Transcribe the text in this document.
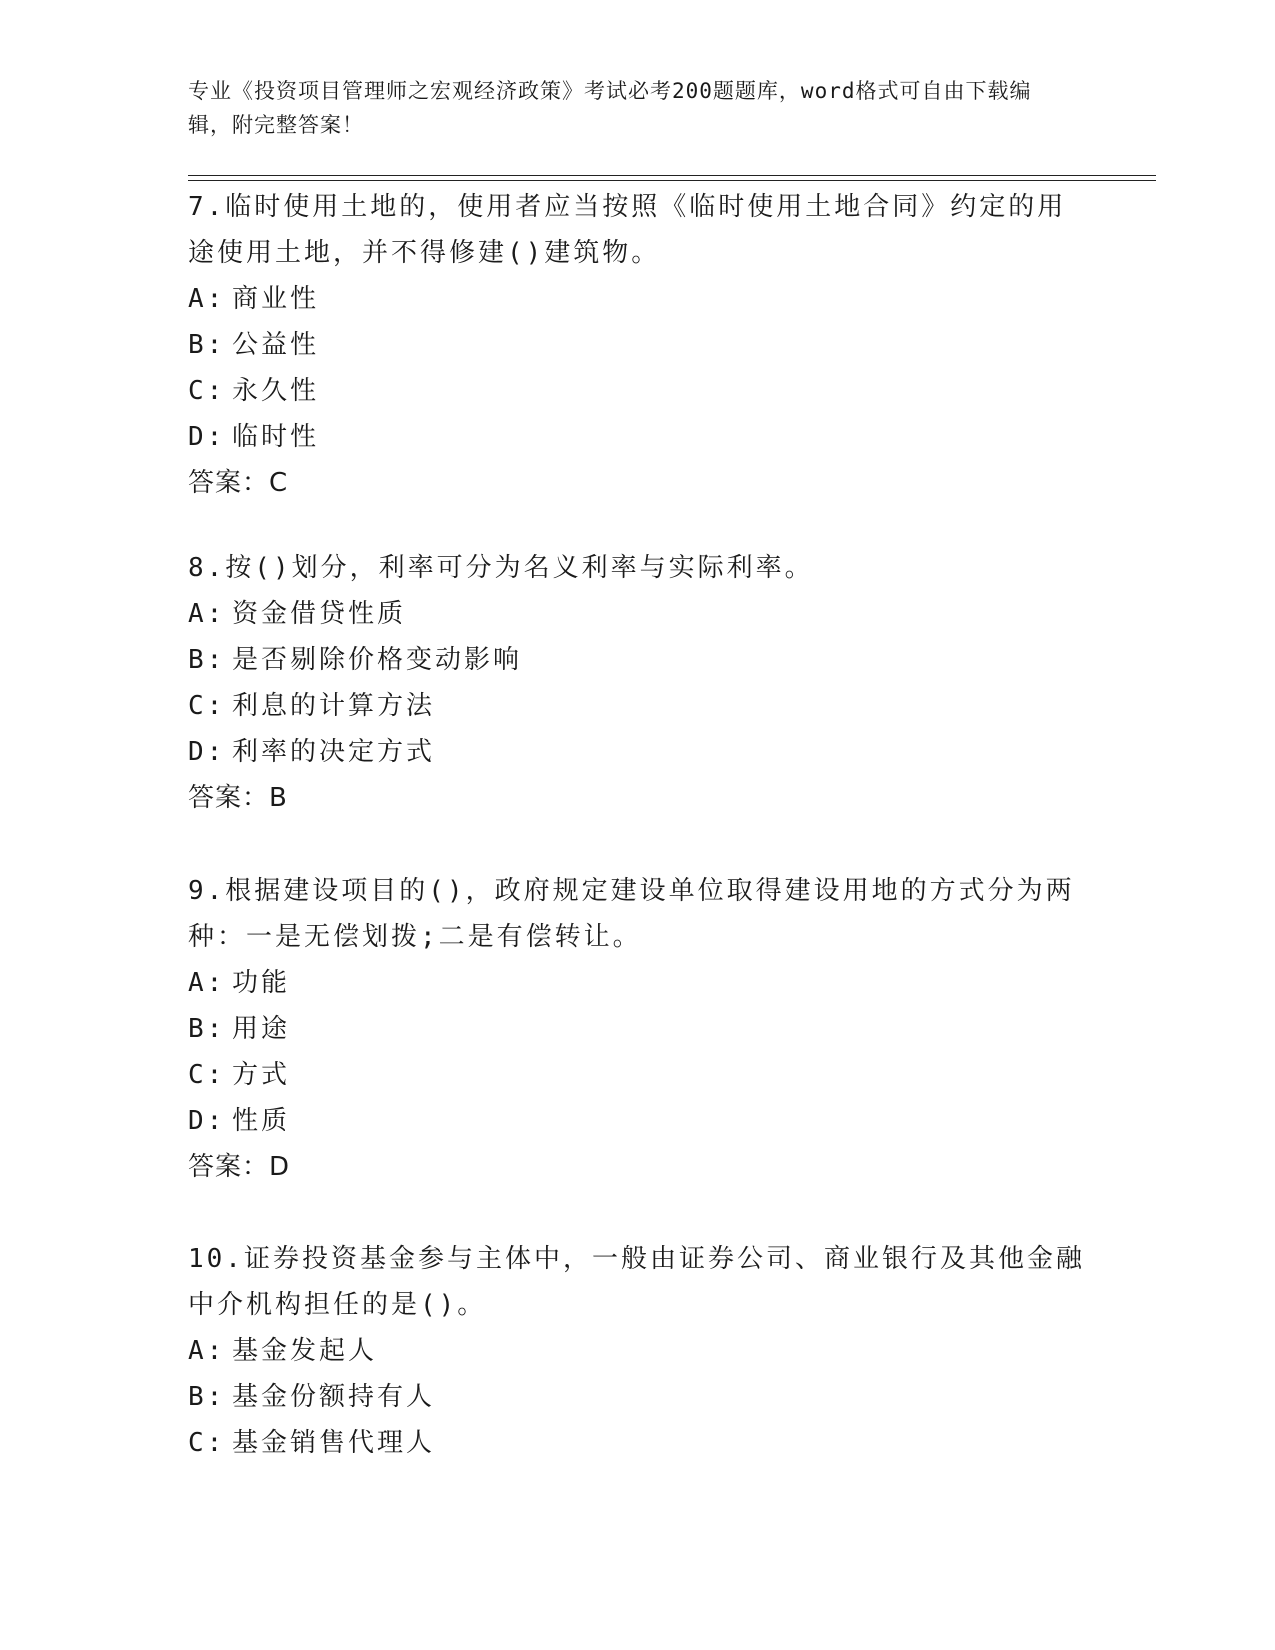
专业《投资项目管理师之宏观经济政策》考试必考200题题库，word格式可自由下载编辑，附完整答案！

7.临时使用土地的，使用者应当按照《临时使用土地合同》约定的用途使用土地，并不得修建()建筑物。

A: 商业性

B: 公益性

C: 永久性

D: 临时性

答案：C

8.按()划分，利率可分为名义利率与实际利率。

A: 资金借贷性质

B: 是否剔除价格变动影响

C: 利息的计算方法

D: 利率的决定方式

答案：B

9.根据建设项目的()，政府规定建设单位取得建设用地的方式分为两种：一是无偿划拨;二是有偿转让。

A: 功能

B: 用途

C: 方式

D: 性质

答案：D

10.证券投资基金参与主体中，一般由证券公司、商业银行及其他金融中介机构担任的是()。

A: 基金发起人

B: 基金份额持有人

C: 基金销售代理人
